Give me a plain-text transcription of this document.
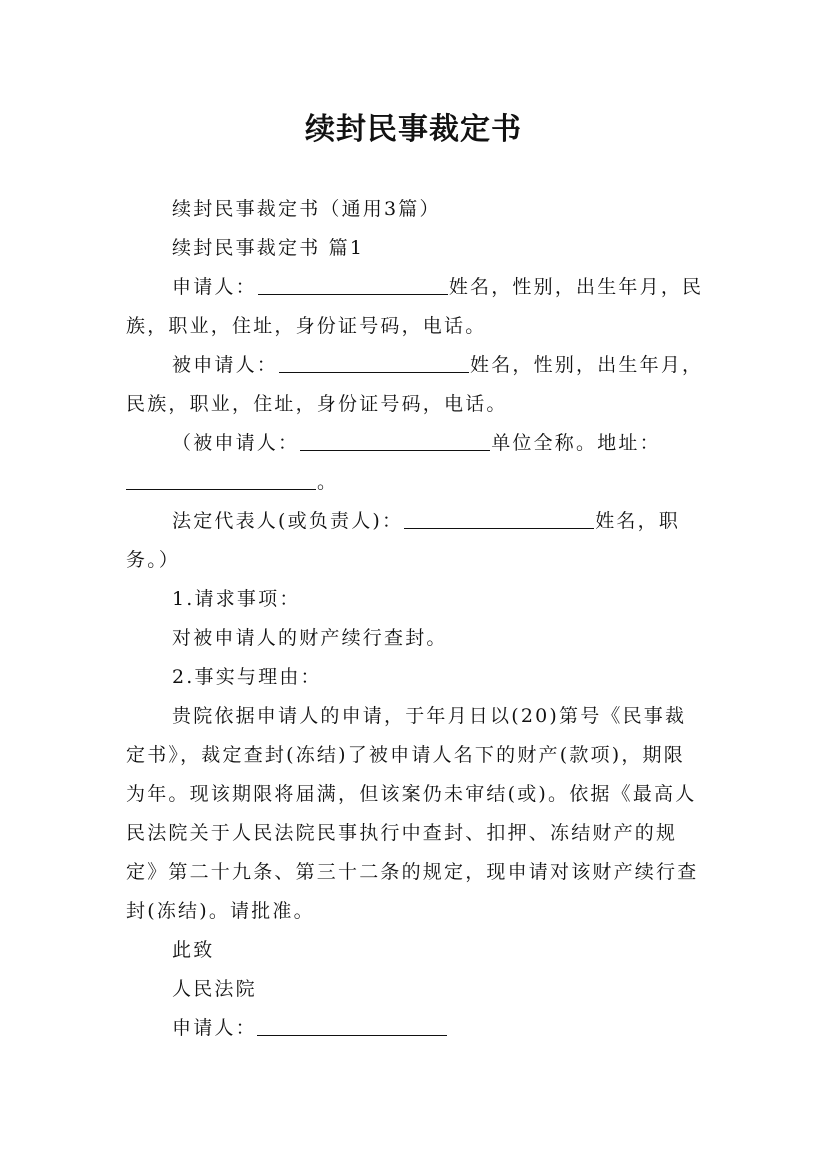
续封民事裁定书

续封民事裁定书（通用3篇）

续封民事裁定书 篇1

申请人：	姓名，性别，出生年月，民族，职业，住址，身份证号码，电话。

被申请人：	姓名，性别，出生年月，民族，职业，住址，身份证号码，电话。

（被申请人：	单位全称。地址：。

法定代表人(或负责人)：	姓名，职务。）

1.请求事项：

对被申请人的财产续行查封。

2.事实与理由：

贵院依据申请人的申请，于年月日以(20)第号《民事裁定书》，裁定查封(冻结)了被申请人名下的财产(款项)，期限为年。现该期限将届满，但该案仍未审结(或)。依据《最高人民法院关于人民法院民事执行中查封、扣押、冻结财产的规定》第二十九条、第三十二条的规定，现申请对该财产续行查封(冻结)。请批准。

此致

人民法院

申请人：
